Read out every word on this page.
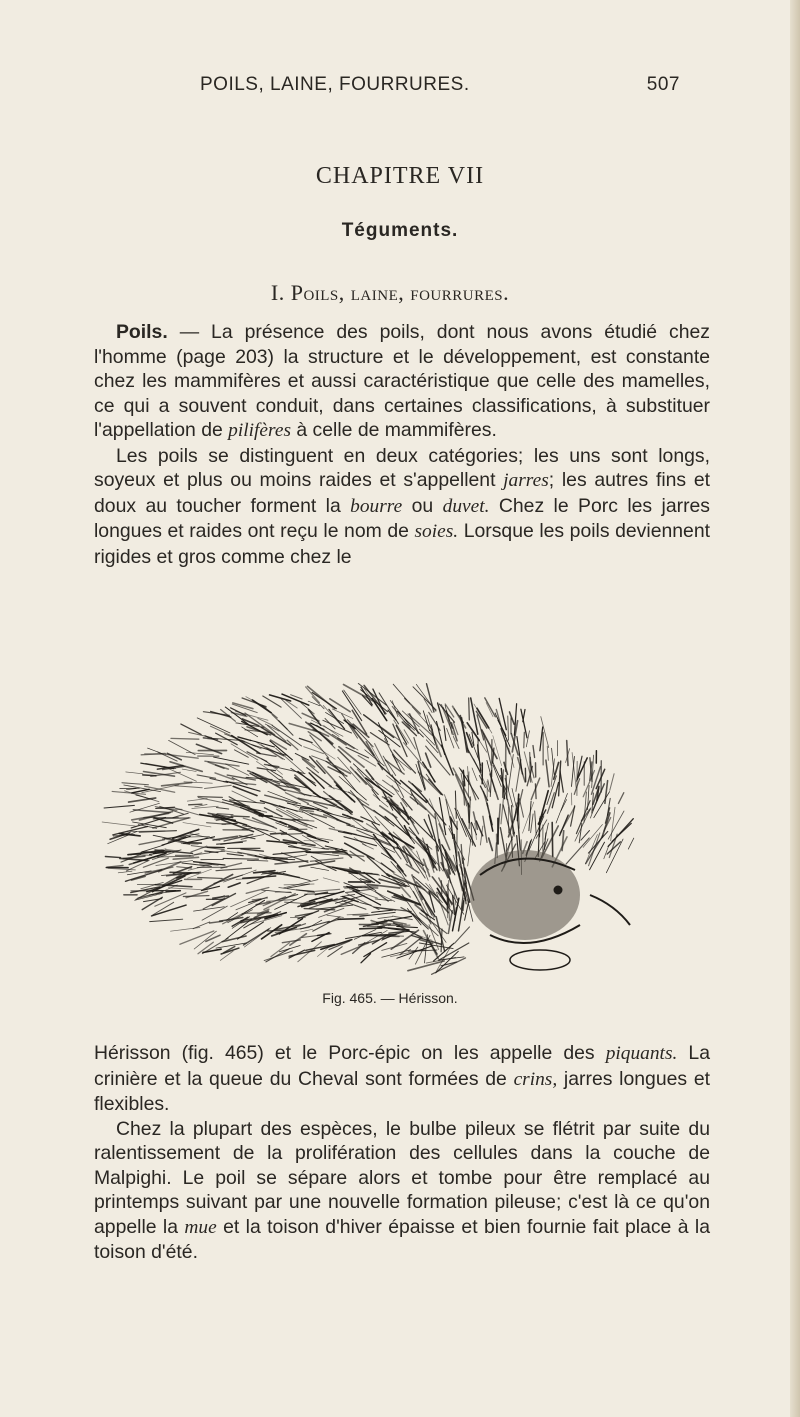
POILS, LAINE, FOURRURES.	507
CHAPITRE VII
Téguments.
I. Poils, laine, fourrures.

Poils. — La présence des poils, dont nous avons étudié chez l'homme (page 203) la structure et le développement, est constante chez les mammifères et aussi caractéristique que celle des mamelles, ce qui a souvent conduit, dans certaines classifications, à substituer l'appellation de pilifères à celle de mammifères.

Les poils se distinguent en deux catégories; les uns sont longs, soyeux et plus ou moins raides et s'appellent jarres; les autres fins et doux au toucher forment la bourre ou duvet. Chez le Porc les jarres longues et raides ont reçu le nom de soies. Lorsque les poils deviennent rigides et gros comme chez le

Fig. 465. — Hérisson.

Hérisson (fig. 465) et le Porc-épic on les appelle des piquants. La crinière et la queue du Cheval sont formées de crins, jarres longues et flexibles.

Chez la plupart des espèces, le bulbe pileux se flétrit par suite du ralentissement de la prolifération des cellules dans la couche de Malpighi. Le poil se sépare alors et tombe pour être remplacé au printemps suivant par une nouvelle formation pileuse; c'est là ce qu'on appelle la mue et la toison d'hiver épaisse et bien fournie fait place à la toison d'été.
